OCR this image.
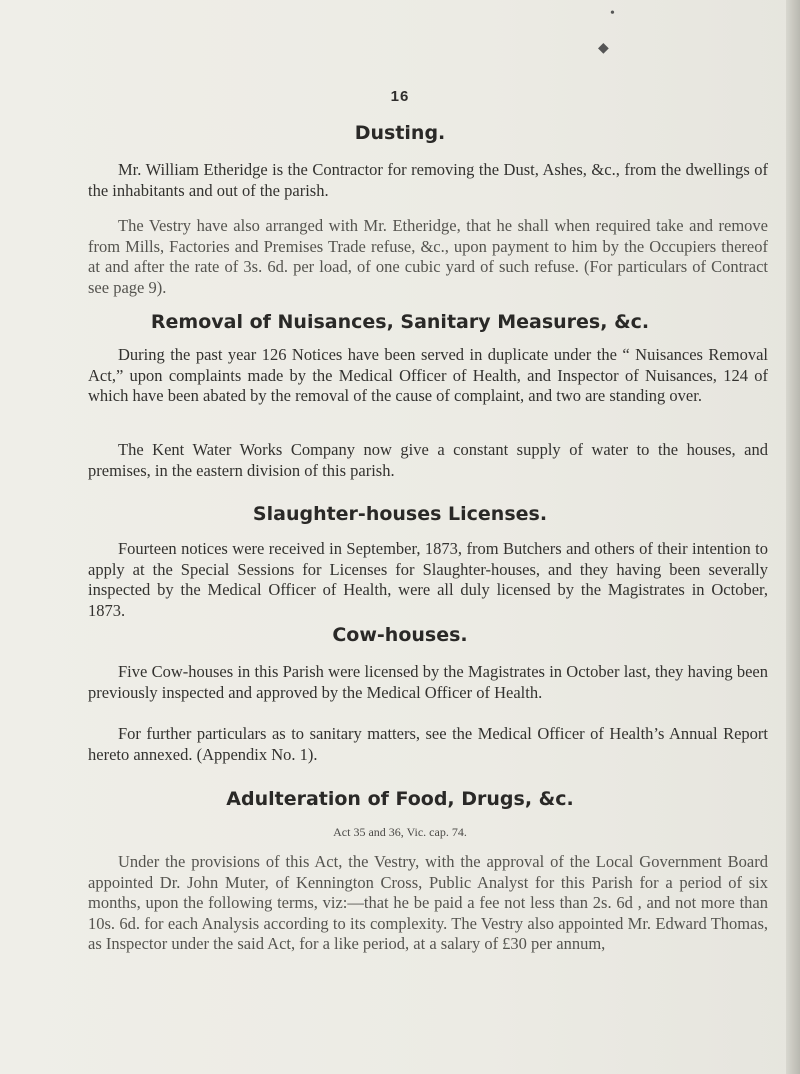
•
◆
16
Dusting.
Mr. William Etheridge is the Contractor for removing the Dust, Ashes, &c., from the dwellings of the inhabitants and out of the parish.
The Vestry have also arranged with Mr. Etheridge, that he shall when required take and remove from Mills, Factories and Premises Trade refuse, &c., upon payment to him by the Occupiers thereof at and after the rate of 3s. 6d. per load, of one cubic yard of such refuse. (For particulars of Contract see page 9).
Removal of Nuisances, Sanitary Measures, &c.
During the past year 126 Notices have been served in duplicate under the “ Nuisances Removal Act,” upon complaints made by the Medical Officer of Health, and Inspector of Nuisances, 124 of which have been abated by the removal of the cause of complaint, and two are standing over.
The Kent Water Works Company now give a constant supply of water to the houses, and premises, in the eastern division of this parish.
Slaughter-houses Licenses.
Fourteen notices were received in September, 1873, from Butchers and others of their intention to apply at the Special Sessions for Licenses for Slaughter-houses, and they having been severally inspected by the Medical Officer of Health, were all duly licensed by the Magistrates in October, 1873.
Cow-houses.
Five Cow-houses in this Parish were licensed by the Magistrates in October last, they having been previously inspected and approved by the Medical Officer of Health.
For further particulars as to sanitary matters, see the Medical Officer of Health’s Annual Report hereto annexed. (Appendix No. 1).
Adulteration of Food, Drugs, &c.
Act 35 and 36, Vic. cap. 74.
Under the provisions of this Act, the Vestry, with the approval of the Local Government Board appointed Dr. John Muter, of Kennington Cross, Public Analyst for this Parish for a period of six months, upon the following terms, viz:—that he be paid a fee not less than 2s. 6d , and not more than 10s. 6d. for each Analysis according to its complexity. The Vestry also appointed Mr. Edward Thomas, as Inspector under the said Act, for a like period, at a salary of £30 per annum,
